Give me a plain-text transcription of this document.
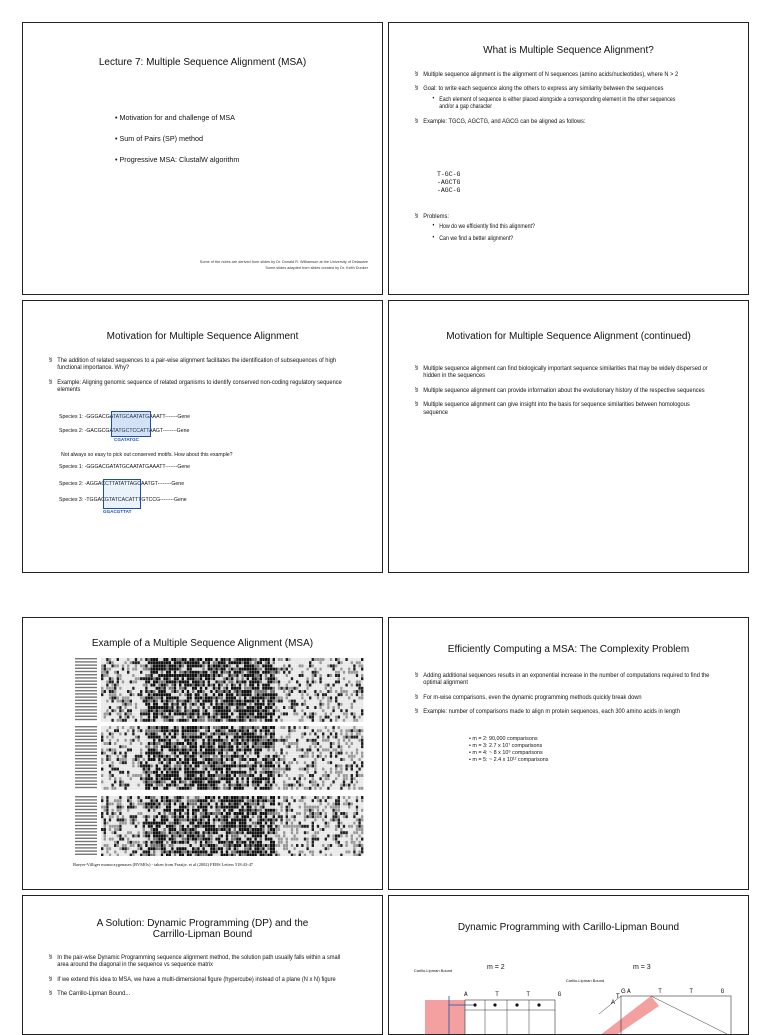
Lecture 7: Multiple Sequence Alignment (MSA)

• Motivation for and challenge of MSA
• Sum of Pairs (SP) method
• Progressive MSA: ClustalW algorithm
Some of the notes are derived from slides by Dr. Donald R. Williamson at the University of Delaware
Some slides adapted from slides created by Dr. Keith Dunker

What is Multiple Sequence Alignment?

§ Multiple sequence alignment is the alignment of N sequences (amino acids/nucleotides), where N > 2
§ Goal: to write each sequence along the others to express any similarity between the sequences
• Each element of sequence is either placed alongside a corresponding element in the other sequences and/or a gap character
§ Example: TGCG, AGCTG, and AGCG can be aligned as follows:
T-GC-G
-AGCTG
-AGC-G
§ Problems:
• How do we efficiently find this alignment?
• Can we find a better alignment?

Motivation for Multiple Sequence Alignment

§ The addition of related sequences to a pair-wise alignment facilitates the identification of subsequences of high functional importance. Why?
§ Example: Aligning genomic sequence of related organisms to identify conserved non-coding regulatory sequence elements
Species 1: -GGGACGATATGCAATATGAAATT-------Gene
Species 2: -GACGCGATATGCTCCATTAAGT--------Gene
CGATATGC
Not always so easy to pick out conserved motifs. How about this example?
Species 1: -GGGACGATATGCAATATGAAATT-------Gene
Species 2: -AGGACCTTATATTAGCAATGT--------Gene
Species 3: -TGGACGTATCACATTTGTCCG--------Gene
GGACGTTAT

Motivation for Multiple Sequence Alignment (continued)

§ Multiple sequence alignment can find biologically important sequence similarities that may be widely dispersed or hidden in the sequences
§ Multiple sequence alignment can provide information about the evolutionary history of the respective sequences
§ Multiple sequence alignment can give insight into the basis for sequence similarities between homologous sequence

Example of a Multiple Sequence Alignment (MSA)

Baeyer-Villiger monooxygenases (BVMOs) - taken from Fraaije, et al (2002) FEBS Letters 518:43-47

Efficiently Computing a MSA: The Complexity Problem

§ Adding additional sequences results in an exponential increase in the number of computations required to find the optimal alignment
§ For m-wise comparisons, even the dynamic programming methods quickly break down
§ Example: number of comparisons made to align m protein sequences, each 300 amino acids in length
• m = 2: 90,000 comparisons
• m = 3: 2.7 x 10⁷ comparisons
• m = 4: ~ 8 x 10⁹ comparisons
• m = 5: ~ 2.4 x 10¹² comparisons

A Solution: Dynamic Programming (DP) and the
Carrillo-Lipman Bound

§ In the pair-wise Dynamic Programming sequence alignment method, the solution path usually falls within a small area around the diagonal in the sequence vs sequence matrix
§ If we extend this idea to MSA, we have a multi-dimensional figure (hypercube) instead of a plane (N x N) figure
§ The Carrillo-Lipman Bound...

Dynamic Programming with Carillo-Lipman Bound

m = 2	m = 3
Carillo-Lipman Bound
Carillo-Lipman Bound
A T T G	A T T G
A
T
G
